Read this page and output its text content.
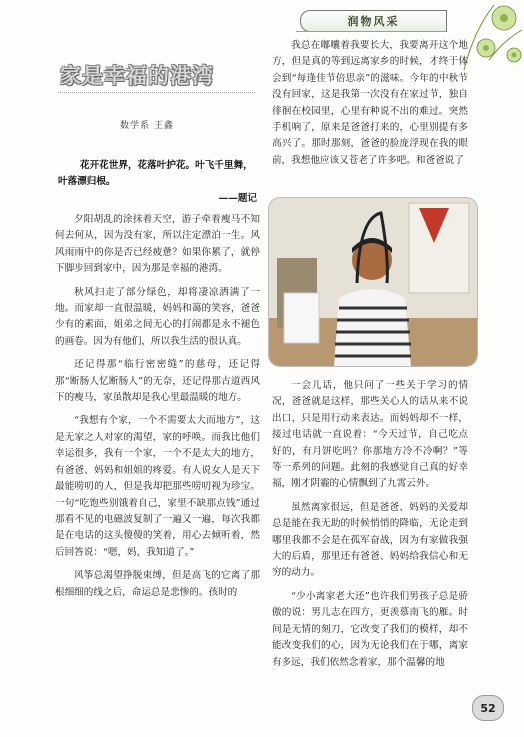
润物风采
家是幸福的港湾
数学系 王鑫
花开花世界，花落叶护花。叶飞千里舞，叶落漂归根。
——题记

夕阳胡乱的涂抹着天空，游子牵着瘦马不知何去何从，因为没有家，所以注定漂泊一生。风风雨雨中的你是否已经疲惫？如果你累了，就停下脚步回到家中，因为那是幸福的港湾。

秋风扫走了部分绿色，却将凄凉洒满了一地。而家却一直很温暖，妈妈和蔼的笑容，爸爸少有的素面，姐弟之间无心的打闹都是永不褪色的画卷。因为有他们，所以我生活的很认真。

还记得那“临行密密缝”的慈母，还记得那“断肠人忆断肠人”的无奈，还记得那古道西风下的瘦马，家虽散却是我心里最温暖的地方。

“我想有个家，一个不需要太大而地方”，这是无家之人对家的渴望，家的呼唤。而我比他们幸运很多，我有一个家，一个不是太大的地方，有爸爸、妈妈和姐姐的疼爱。有人说女人是天下最能唠叨的人，但是我却把那些唠叨视为珍宝。一句“吃饱些别饿着自己，家里不缺那点钱”通过那看不见的电磁波复制了一遍又一遍，每次我都是在电话的这头傻傻的笑着，用心去倾听着，然后回答说：“嗯，妈，我知道了。”

风筝总渴望挣脱束缚，但是高飞的它离了那根细细的线之后，命运总是悲惨的。孩时的

我总在嘟囔着我要长大，我要离开这个地方，但是真的等到远离家乡的时候，才终于体会到“每逢佳节倍思亲”的滋味。今年的中秋节没有回家，这是我第一次没有在家过节，独自徘徊在校园里，心里有种说不出的难过。突然手机响了，原来是爸爸打来的，心里别提有多高兴了。那时那刻，爸爸的脸庞浮现在我的眼前，我想他应该又苍老了许多吧。和爸爸说了

一会儿话，他只问了一些关于学习的情况，爸爸就是这样，那些关心人的话从来不说出口，只是用行动来表达。而妈妈却不一样，接过电话就一直说着：“今天过节，自己吃点好的，有月饼吃吗？你那地方冷不冷啊？”等等一系列的问题。此刻的我感觉自己真的好幸福，刚才阴霾的心情飘到了九霄云外。

虽然离家很远，但是爸爸、妈妈的关爱却总是能在我无助的时候悄悄的降临，无论走到哪里我都不会是在孤军奋战，因为有家做我强大的后盾，那里还有爸爸、妈妈给我信心和无穷的动力。

“少小离家老大还”也许我们男孩子总是骄傲的说：男儿志在四方，更羡慕南飞的雁。时间是无情的刻刀，它改变了我们的模样，却不能改变我们的心，因为无论我们在于哪，离家有多远，我们依然念着家，那个温馨的地

52
